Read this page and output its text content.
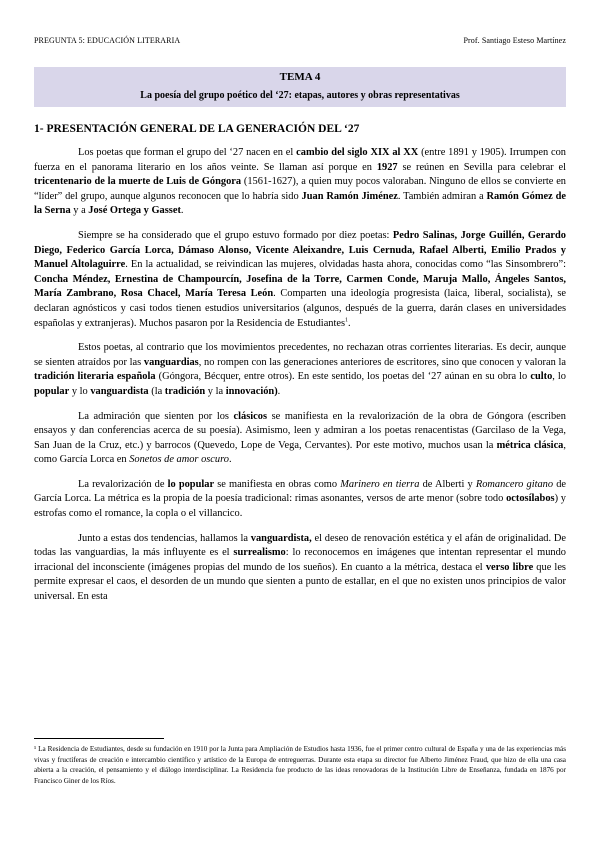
PREGUNTA 5: EDUCACIÓN LITERARIA	Prof. Santiago Esteso Martínez
TEMA 4
La poesía del grupo poético del ‘27: etapas, autores y obras representativas
1- PRESENTACIÓN GENERAL DE LA GENERACIÓN DEL ‘27

Los poetas que forman el grupo del ‘27 nacen en el cambio del siglo XIX al XX (entre 1891 y 1905). Irrumpen con fuerza en el panorama literario en los años veinte. Se llaman así porque en 1927 se reúnen en Sevilla para celebrar el tricentenario de la muerte de Luis de Góngora (1561-1627), a quien muy pocos valoraban. Ninguno de ellos se convierte en “líder” del grupo, aunque algunos reconocen que lo habría sido Juan Ramón Jiménez. También admiran a Ramón Gómez de la Serna y a José Ortega y Gasset.

Siempre se ha considerado que el grupo estuvo formado por diez poetas: Pedro Salinas, Jorge Guillén, Gerardo Diego, Federico García Lorca, Dámaso Alonso, Vicente Aleixandre, Luis Cernuda, Rafael Alberti, Emilio Prados y Manuel Altolaguirre. En la actualidad, se reivindican las mujeres, olvidadas hasta ahora, conocidas como “las Sinsombrero”: Concha Méndez, Ernestina de Champourcín, Josefina de la Torre, Carmen Conde, Maruja Mallo, Ángeles Santos, María Zambrano, Rosa Chacel, María Teresa León. Comparten una ideología progresista (laica, liberal, socialista), se declaran agnósticos y casi todos tienen estudios universitarios (algunos, después de la guerra, darán clases en universidades españolas y extranjeras). Muchos pasaron por la Residencia de Estudiantes$^1$.

Estos poetas, al contrario que los movimientos precedentes, no rechazan otras corrientes literarias. Es decir, aunque se sienten atraídos por las vanguardias, no rompen con las generaciones anteriores de escritores, sino que conocen y valoran la tradición literaria española (Góngora, Bécquer, entre otros). En este sentido, los poetas del ‘27 aúnan en su obra lo culto, lo popular y lo vanguardista (la tradición y la innovación).

La admiración que sienten por los clásicos se manifiesta en la revalorización de la obra de Góngora (escriben ensayos y dan conferencias acerca de su poesía). Asimismo, leen y admiran a los poetas renacentistas (Garcilaso de la Vega, San Juan de la Cruz, etc.) y barrocos (Quevedo, Lope de Vega, Cervantes). Por este motivo, muchos usan la métrica clásica, como García Lorca en Sonetos de amor oscuro.

La revalorización de lo popular se manifiesta en obras como Marinero en tierra de Alberti y Romancero gitano de García Lorca. La métrica es la propia de la poesía tradicional: rimas asonantes, versos de arte menor (sobre todo octosílabos) y estrofas como el romance, la copla o el villancico.

Junto a estas dos tendencias, hallamos la vanguardista, el deseo de renovación estética y el afán de originalidad. De todas las vanguardias, la más influyente es el surrealismo: lo reconocemos en imágenes que intentan representar el mundo irracional del inconsciente (imágenes propias del mundo de los sueños). En cuanto a la métrica, destaca el verso libre que les permite expresar el caos, el desorden de un mundo que sienten a punto de estallar, en el que no existen unos principios de valor universal. En esta

¹ La Residencia de Estudiantes, desde su fundación en 1910 por la Junta para Ampliación de Estudios hasta 1936, fue el primer centro cultural de España y una de las experiencias más vivas y fructíferas de creación e intercambio científico y artístico de la Europa de entreguerras. Durante esta etapa su director fue Alberto Jiménez Fraud, que hizo de ella una casa abierta a la creación, el pensamiento y el diálogo interdisciplinar. La Residencia fue producto de las ideas renovadoras de la Institución Libre de Enseñanza, fundada en 1876 por Francisco Giner de los Ríos.
